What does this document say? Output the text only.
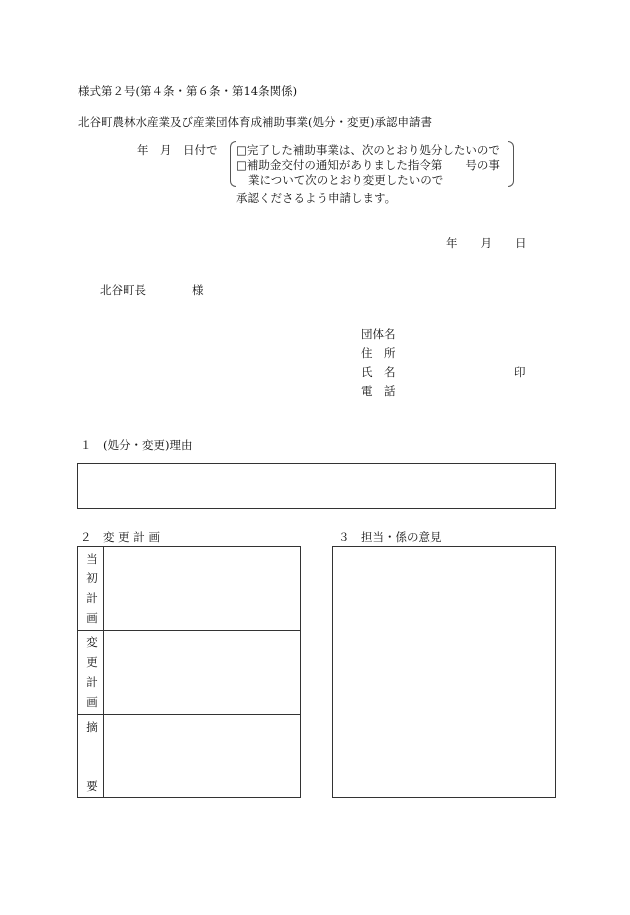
様式第２号(第４条・第６条・第14条関係)
北谷町農林水産業及び産業団体育成補助事業(処分・変更)承認申請書
年　月　日付で □完了した補助事業は、次のとおり処分したいので
□補助金交付の通知がありました指令第　　号の事
業について次のとおり変更したいので
承認くださるよう申請します。
年　　月　　日
北谷町長　　　　様
団体名
住　所
氏　名	印
電　話
１　(処分・変更)理由
２　変 更 計 画	３　担当・係の意見
当
初
計
画
変
更
計
画
摘
要
